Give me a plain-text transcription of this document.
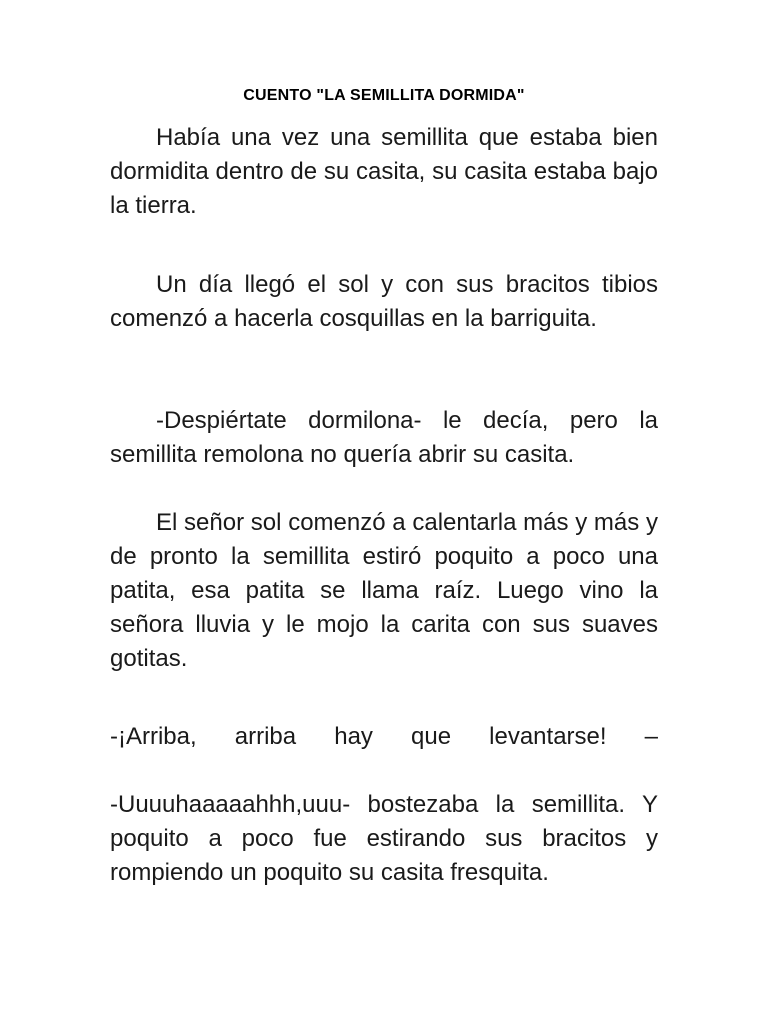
CUENTO "LA SEMILLITA DORMIDA"

Había una vez una semillita que estaba bien dormidita dentro de su casita, su casita estaba bajo la tierra.

Un día llegó el sol y con sus bracitos tibios comenzó a hacerla cosquillas en la barriguita.

-Despiértate dormilona- le decía, pero la semillita remolona no quería abrir su casita.

El señor sol comenzó a calentarla más y más y de pronto la semillita estiró poquito a poco una patita, esa patita se llama raíz. Luego vino la señora lluvia y le mojo la carita con sus suaves gotitas.

-¡Arriba, arriba hay que levantarse! –

-Uuuuhaaaaahhh,uuu- bostezaba la semillita. Y poquito a poco fue estirando sus bracitos y rompiendo un poquito su casita fresquita.
